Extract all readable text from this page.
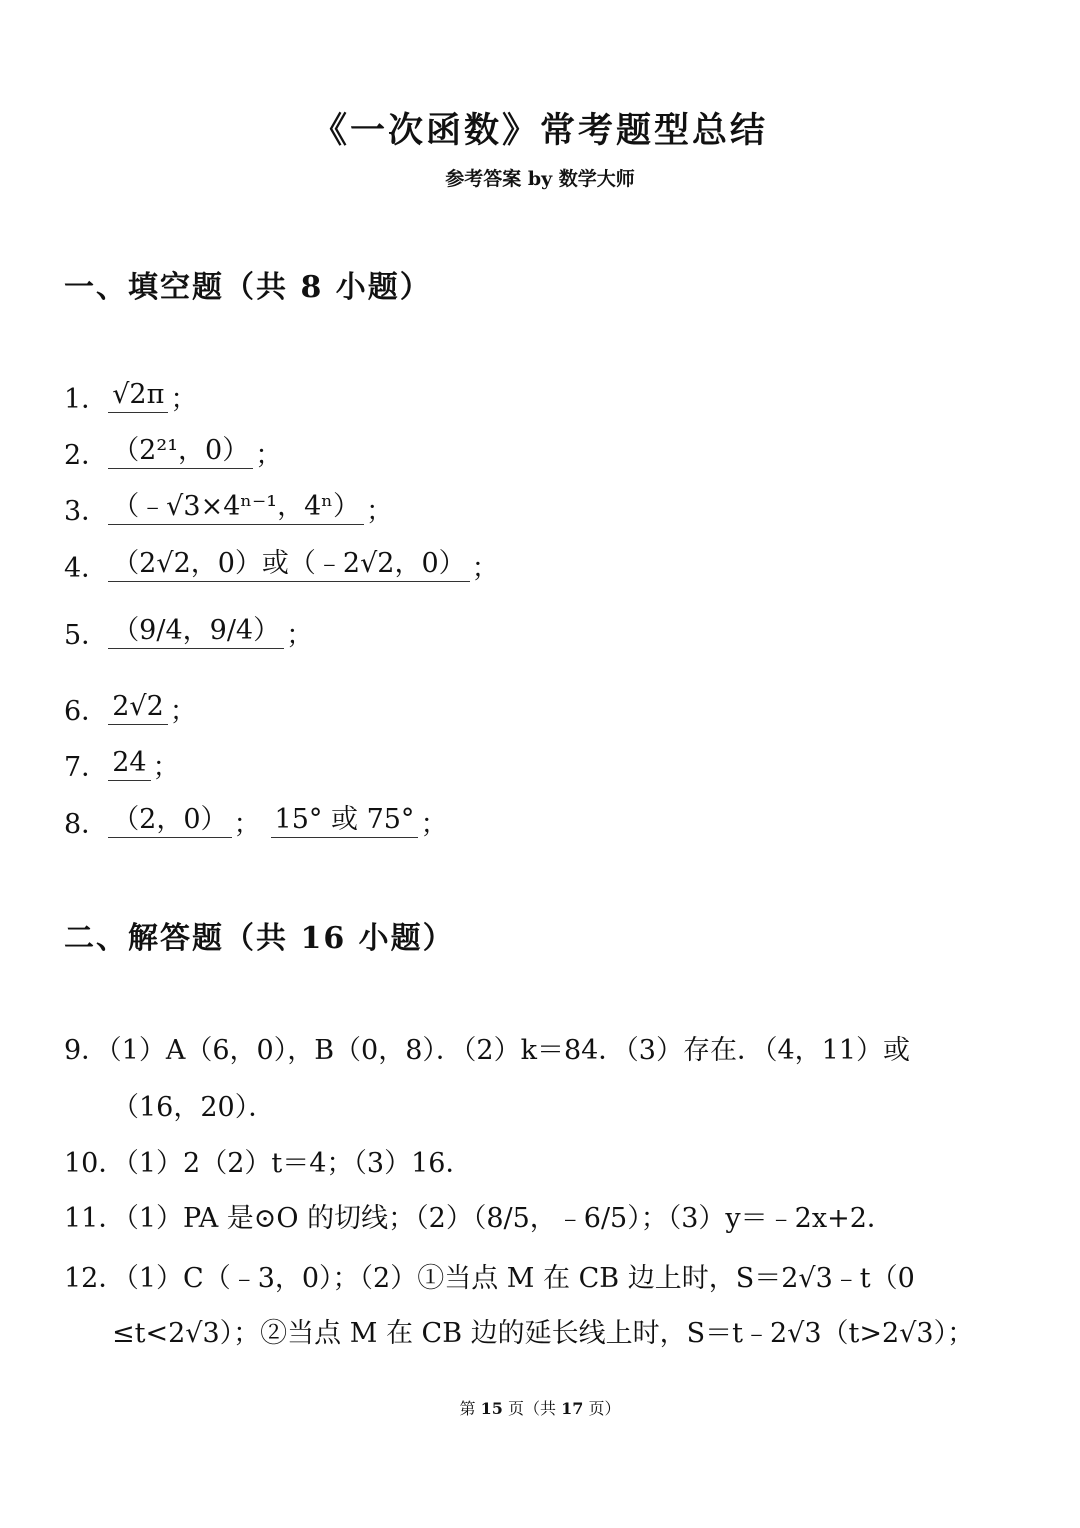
《一次函数》常考题型总结
参考答案 by 数学大师
一、填空题（共 8 小题）
1． √2π ；
2． （2²¹，0） ；
3． （﹣√3×4ⁿ⁻¹，4ⁿ） ；
4． （2√2，0）或（﹣2√2，0） ；
5． （9/4，9/4） ；
6． 2√2 ；
7． 24 ；
8． （2，0） ； 15° 或 75° ；
二、解答题（共 16 小题）
9．（1）A（6，0），B（0，8）．（2）k＝84．（3）存在．（4，11）或
（16，20）．
10．（1）2（2）t＝4；（3）16．
11．（1）PA 是⊙O 的切线；（2）（8/5，﹣6/5）；（3）y＝﹣2x+2．
12．（1）C（﹣3，0）；（2）①当点 M 在 CB 边上时，S＝2√3﹣t（0
≤t<2√3）；②当点 M 在 CB 边的延长线上时，S＝t﹣2√3（t>2√3）；
第 15 页（共 17 页）
